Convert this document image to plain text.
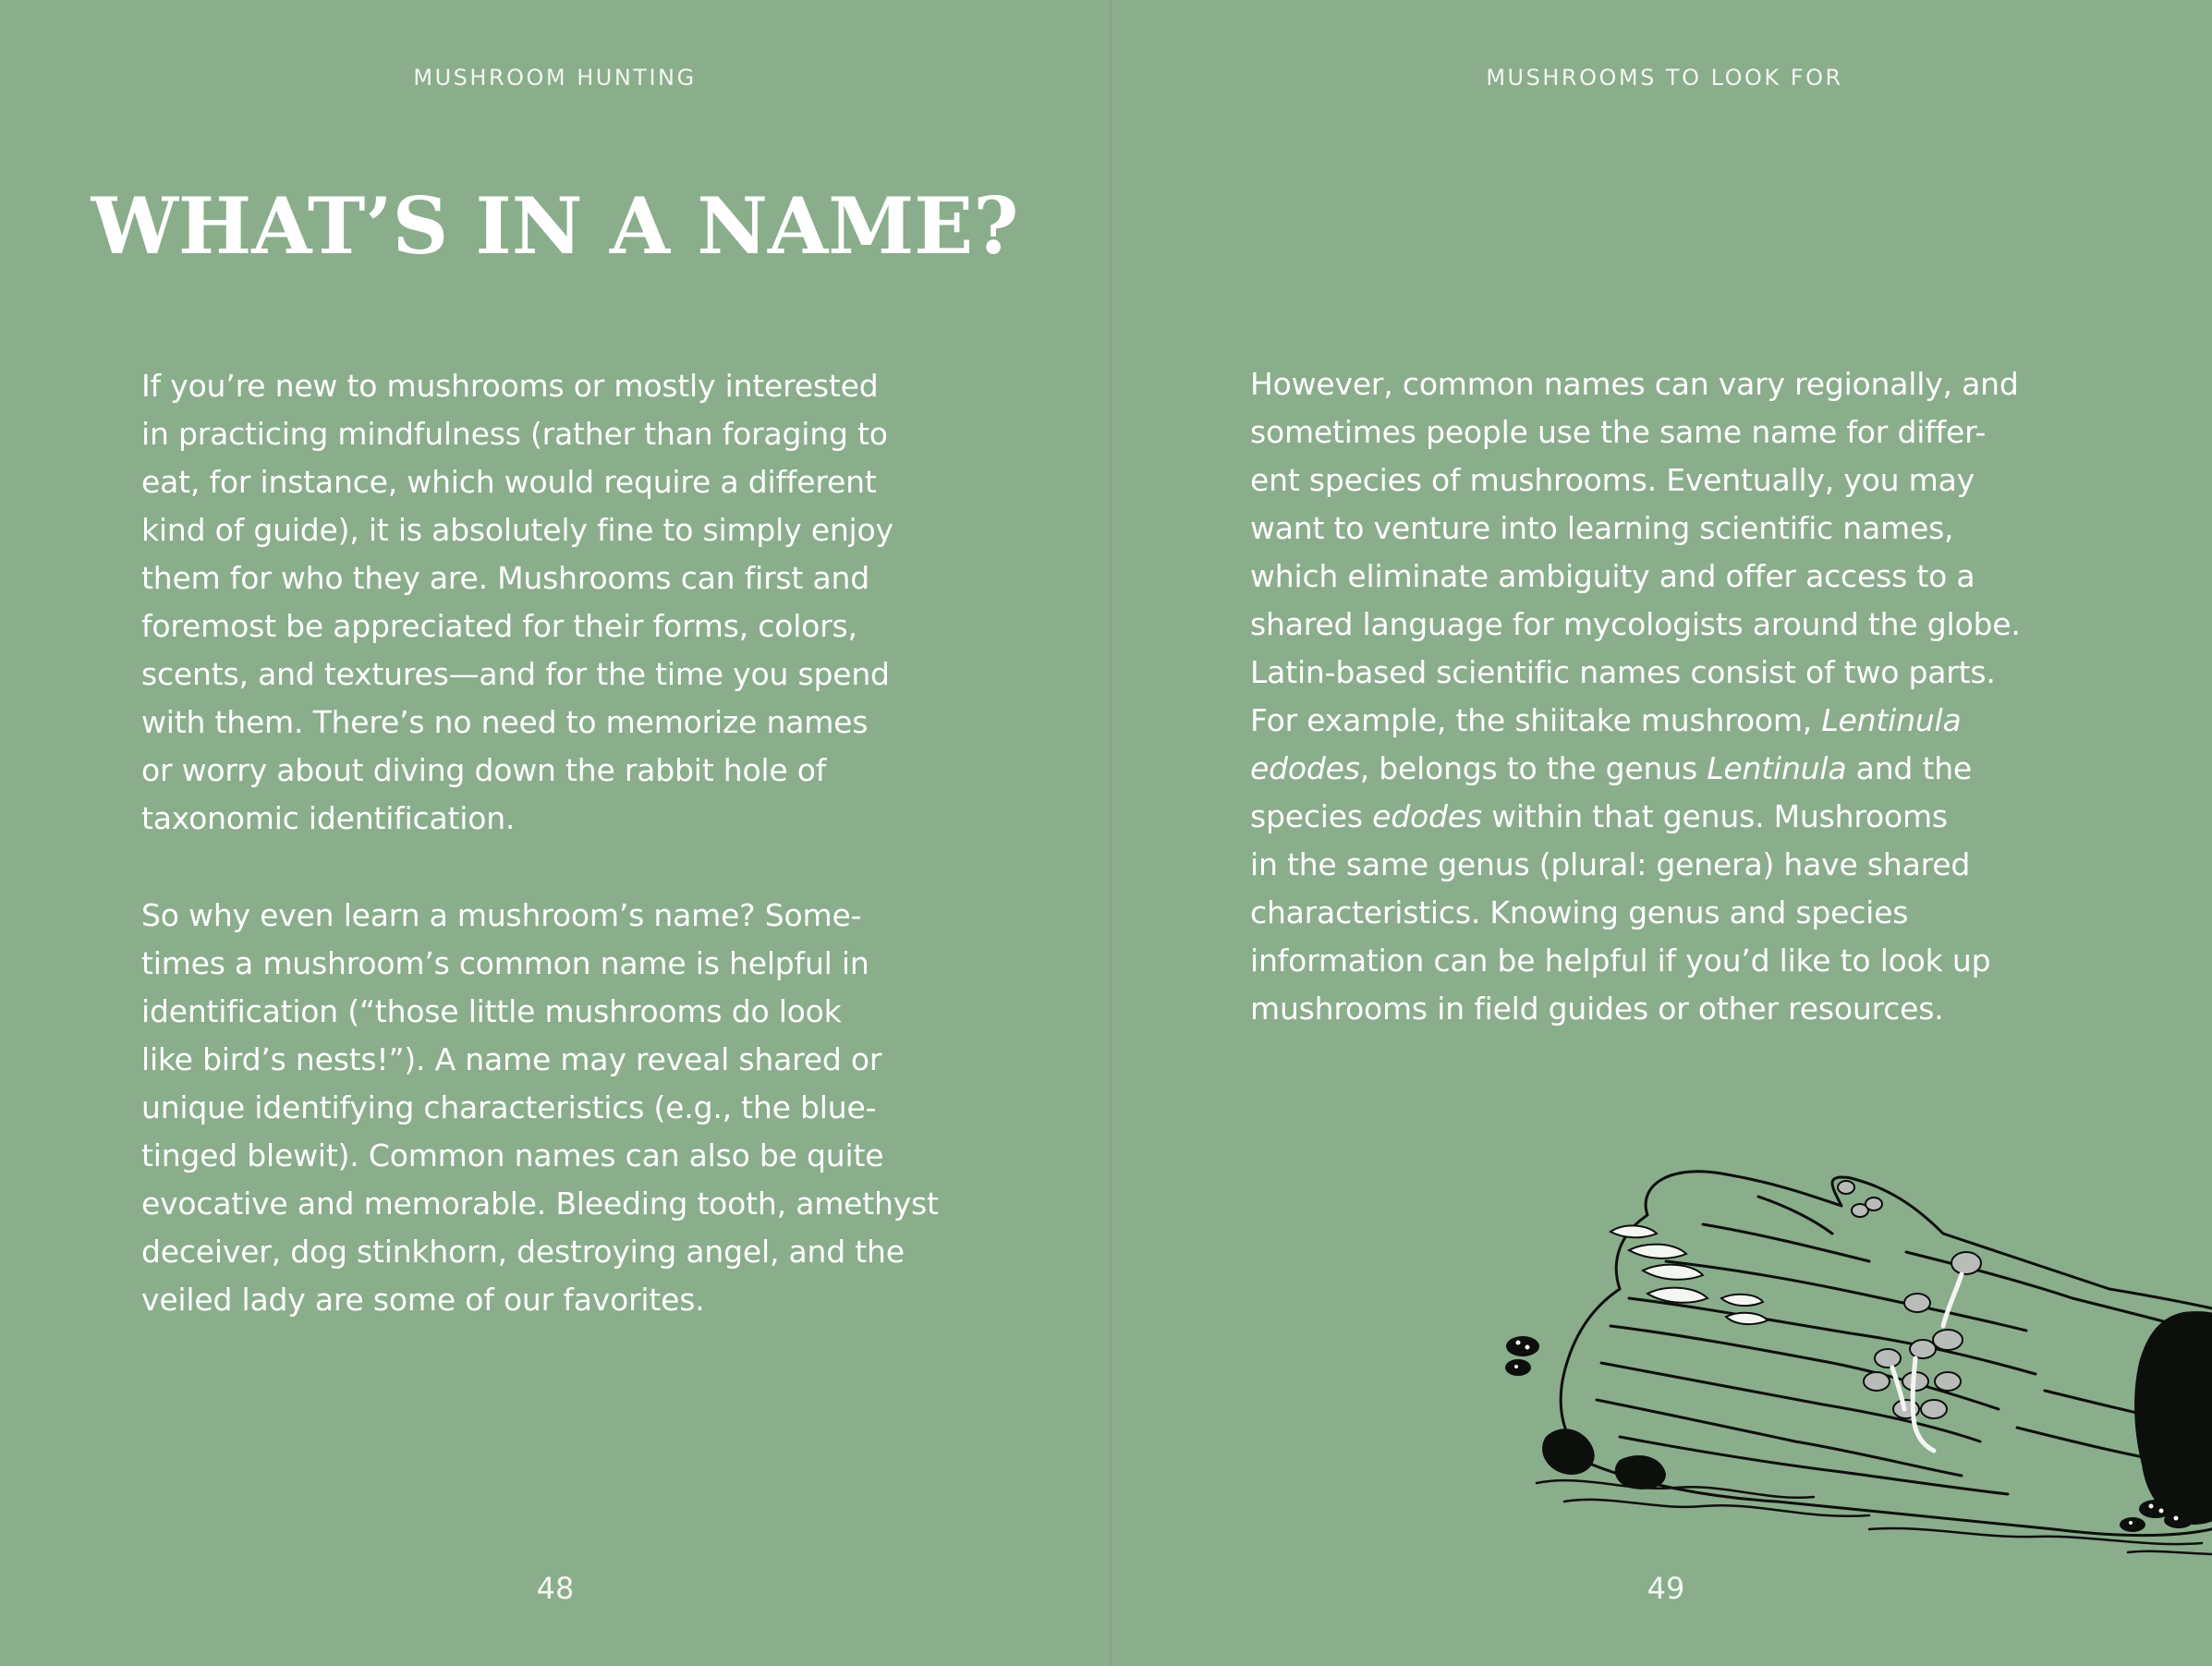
MUSHROOM HUNTING
WHAT’S IN A NAME?

If you’re new to mushrooms or mostly interested
in practicing mindfulness (rather than foraging to
eat, for instance, which would require a different
kind of guide), it is absolutely fine to simply enjoy
them for who they are. Mushrooms can first and
foremost be appreciated for their forms, colors,
scents, and textures—and for the time you spend
with them. There’s no need to memorize names
or worry about diving down the rabbit hole of
taxonomic identification.

So why even learn a mushroom’s name? Some-
times a mushroom’s common name is helpful in
identification (“those little mushrooms do look
like bird’s nests!”). A name may reveal shared or
unique identifying characteristics (e.g., the blue-
tinged blewit). Common names can also be quite
evocative and memorable. Bleeding tooth, amethyst
deceiver, dog stinkhorn, destroying angel, and the
veiled lady are some of our favorites.

48
MUSHROOMS TO LOOK FOR

However, common names can vary regionally, and
sometimes people use the same name for differ-
ent species of mushrooms. Eventually, you may
want to venture into learning scientific names,
which eliminate ambiguity and offer access to a
shared language for mycologists around the globe.
Latin-based scientific names consist of two parts.
For example, the shiitake mushroom, Lentinula
edodes, belongs to the genus Lentinula and the
species edodes within that genus. Mushrooms
in the same genus (plural: genera) have shared
characteristics. Knowing genus and species
information can be helpful if you’d like to look up
mushrooms in field guides or other resources.

49
